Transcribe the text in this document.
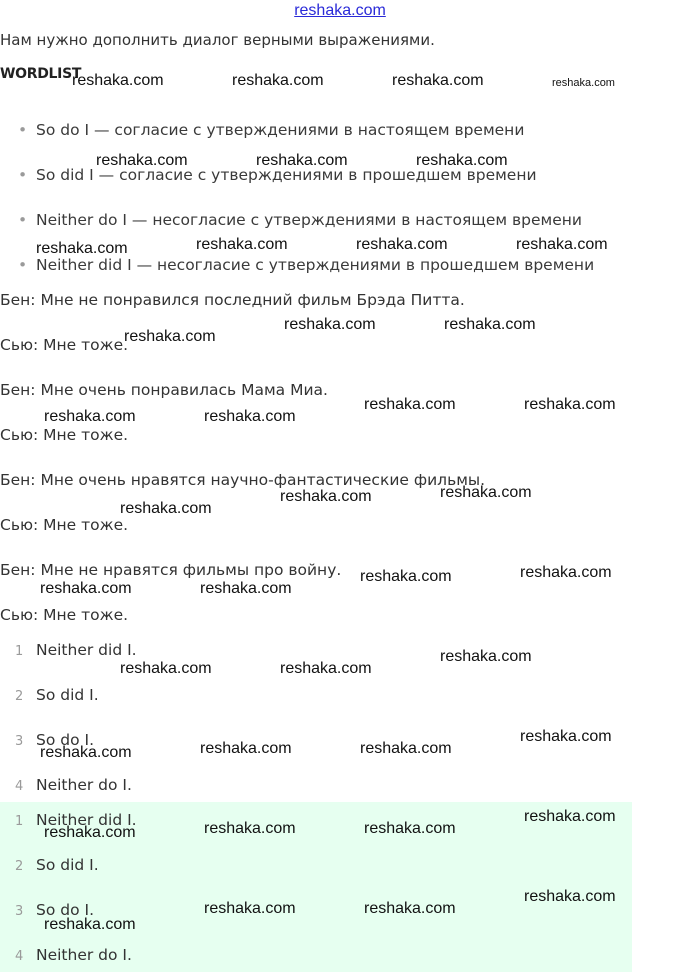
reshaka.com
Нам нужно дополнить диалог верными выражениями.
WORDLIST
• So do I — согласие с утверждениями в настоящем времени
• So did I — согласие с утверждениями в прошедшем времени
• Neither do I — несогласие с утверждениями в настоящем времени
• Neither did I — несогласие с утверждениями в прошедшем времени
Бен: Мне не понравился последний фильм Брэда Питта.
Сью: Мне тоже.
Бен: Мне очень понравилась Мама Миа.
Сью: Мне тоже.
Бен: Мне очень нравятся научно-фантастические фильмы.
Сью: Мне тоже.
Бен: Мне не нравятся фильмы про войну.
Сью: Мне тоже.
1 Neither did I.
2 So did I.
3 So do I.
4 Neither do I.
1 Neither did I.
2 So did I.
3 So do I.
4 Neither do I.
reshaka.com	reshaka.com	reshaka.com	reshaka.com
reshaka.com	reshaka.com	reshaka.com
reshaka.com	reshaka.com	reshaka.com	reshaka.com
reshaka.com	reshaka.com
reshaka.com
reshaka.com	reshaka.com
reshaka.com	reshaka.com
reshaka.com
reshaka.com
reshaka.com
reshaka.com
reshaka.com
reshaka.com	reshaka.com
reshaka.com
reshaka.com	reshaka.com
reshaka.com
reshaka.com	reshaka.com
reshaka.com
reshaka.com
reshaka.com	reshaka.com
reshaka.com
reshaka.com
reshaka.com	reshaka.com
reshaka.com
